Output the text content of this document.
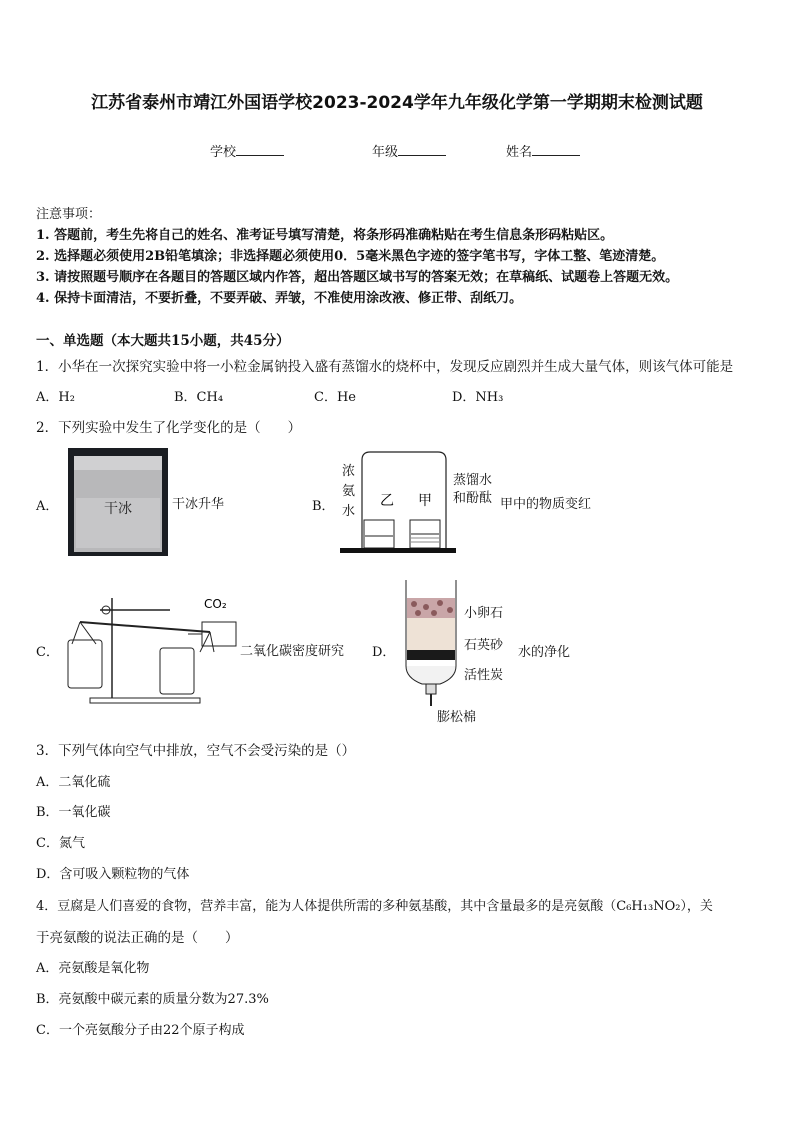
江苏省泰州市靖江外国语学校2023-2024学年九年级化学第一学期期末检测试题
学校	年级	姓名
注意事项：
1. 答题前，考生先将自己的姓名、准考证号填写清楚，将条形码准确粘贴在考生信息条形码粘贴区。
2. 选择题必须使用2B铅笔填涂；非选择题必须使用0．5毫米黑色字迹的签字笔书写，字体工整、笔迹清楚。
3. 请按照题号顺序在各题目的答题区域内作答，超出答题区域书写的答案无效；在草稿纸、试题卷上答题无效。
4. 保持卡面清洁，不要折叠，不要弄破、弄皱，不准使用涂改液、修正带、刮纸刀。
一、单选题（本大题共15小题，共45分）
1．小华在一次探究实验中将一小粒金属钠投入盛有蒸馏水的烧杯中，发现反应剧烈并生成大量气体，则该气体可能是
A．H₂	B．CH₄	C．He	D．NH₃
2．下列实验中发生了化学变化的是（　　）
A．	干冰	干冰升华	B．	乙 甲
浓氨水
蒸馏水
和酚酞 甲中的物质变红
C．
CO₂
二氧化碳密度研究 D．
小卵石
石英砂
活性炭
膨松棉
水的净化
3．下列气体向空气中排放，空气不会受污染的是（）
A．二氧化硫
B．一氧化碳
C．氮气
D．含可吸入颗粒物的气体
4．豆腐是人们喜爱的食物，营养丰富，能为人体提供所需的多种氨基酸，其中含量最多的是亮氨酸（C₆H₁₃NO₂），关
于亮氨酸的说法正确的是（　　）
A．亮氨酸是氧化物
B．亮氨酸中碳元素的质量分数为27.3%
C．一个亮氨酸分子由22个原子构成
